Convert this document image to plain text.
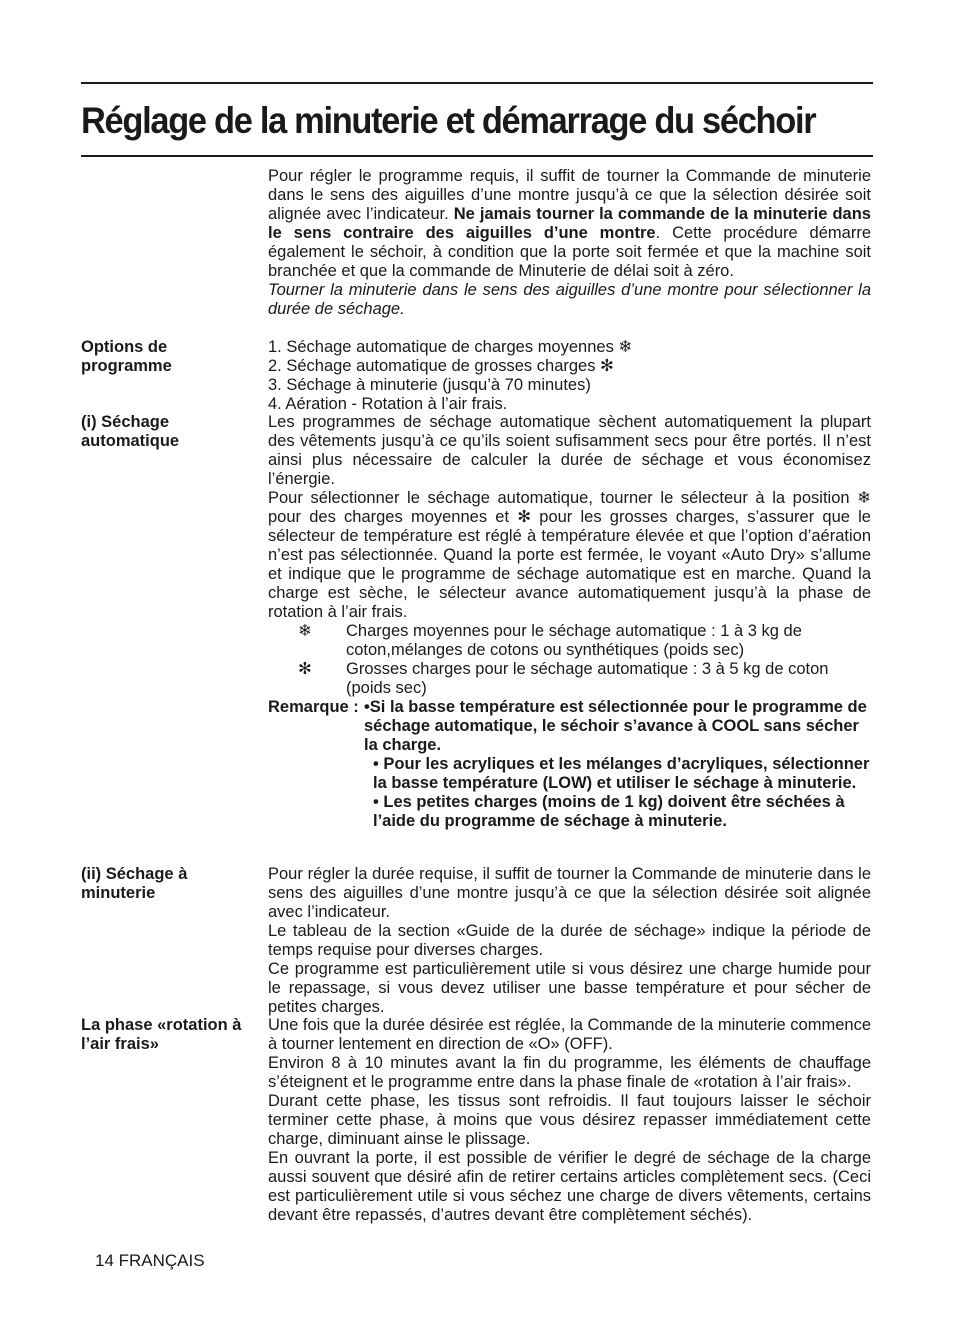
Réglage de la minuterie et démarrage du séchoir

Pour régler le programme requis, il suffit de tourner la Commande de minuterie dans le sens des aiguilles d’une montre jusqu’à ce que la sélection désirée soit alignée avec l’indicateur. Ne jamais tourner la commande de la minuterie dans le sens contraire des aiguilles d’une montre. Cette procédure démarre également le séchoir, à condition que la porte soit fermée et que la machine soit branchée et que la commande de Minuterie de délai soit à zéro.

Tourner la minuterie dans le sens des aiguilles d’une montre pour sélectionner la durée de séchage.

Options de programme
1. Séchage automatique de charges moyennes ❄
2. Séchage automatique de grosses charges ✻
3. Séchage à minuterie (jusqu’à 70 minutes)
4. Aération - Rotation à l’air frais.
(i) Séchage automatique

Les programmes de séchage automatique sèchent automatiquement la plupart des vêtements jusqu’à ce qu’ils soient sufisamment secs pour être portés. Il n’est ainsi plus nécessaire de calculer la durée de séchage et vous économisez l’énergie.

Pour sélectionner le séchage automatique, tourner le sélecteur à la position ❄ pour des charges moyennes et ✻ pour les grosses charges, s’assurer que le sélecteur de température est réglé à température élevée et que l’option d’aération n’est pas sélectionnée. Quand la porte est fermée, le voyant «Auto Dry» s’allume et indique que le programme de séchage automatique est en marche. Quand la charge est sèche, le sélecteur avance automatiquement jusqu’à la phase de rotation à l’air frais.

❄	Charges moyennes pour le séchage automatique : 1 à 3 kg de coton,mélanges de cotons ou synthétiques (poids sec)
✻	Grosses charges pour le séchage automatique : 3 à 5 kg de coton (poids sec)
Remarque : •Si la basse température est sélectionnée pour le programme de séchage automatique, le séchoir s’avance à COOL sans sécher la charge.
• Pour les acryliques et les mélanges d’acryliques, sélectionner la basse température (LOW) et utiliser le séchage à minuterie.
• Les petites charges (moins de 1 kg) doivent être séchées à l’aide du programme de séchage à minuterie.
(ii) Séchage à minuterie

Pour régler la durée requise, il suffit de tourner la Commande de minuterie dans le sens des aiguilles d’une montre jusqu’à ce que la sélection désirée soit alignée avec l’indicateur.

Le tableau de la section «Guide de la durée de séchage» indique la période de temps requise pour diverses charges.

Ce programme est particulièrement utile si vous désirez une charge humide pour le repassage, si vous devez utiliser une basse température et pour sécher de petites charges.

La phase «rotation à l’air frais»

Une fois que la durée désirée est réglée, la Commande de la minuterie commence à tourner lentement en direction de «O» (OFF).

Environ 8 à 10 minutes avant la fin du programme, les éléments de chauffage s’éteignent et le programme entre dans la phase finale de «rotation à l’air frais».

Durant cette phase, les tissus sont refroidis. Il faut toujours laisser le séchoir terminer cette phase, à moins que vous désirez repasser immédiatement cette charge, diminuant ainse le plissage.

En ouvrant la porte, il est possible de vérifier le degré de séchage de la charge aussi souvent que désiré afin de retirer certains articles complètement secs. (Ceci est particulièrement utile si vous séchez une charge de divers vêtements, certains devant être repassés, d’autres devant être complètement séchés).

14 FRANÇAIS
